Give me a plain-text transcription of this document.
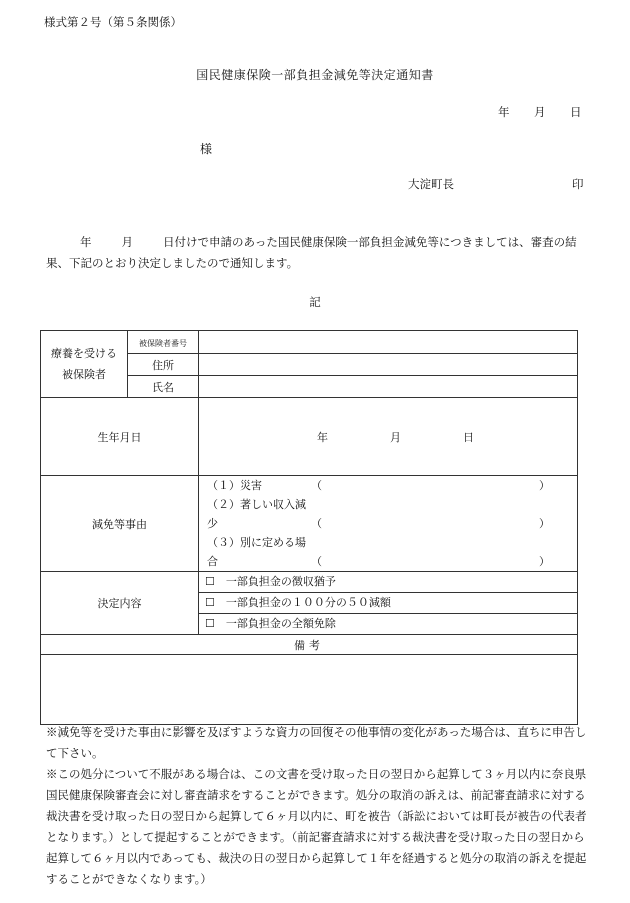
様式第２号（第５条関係）
国民健康保険一部負担金減免等決定通知書
年 月 日
様
大淀町長	印
年	月	日付けで申請のあった国民健康保険一部負担金減免等につきましては、審査の結果、下記のとおり決定しましたので通知します。
記
療養を受ける被保険者	被保険者番号	
	住所	
	氏名	
生年月日		年 月 日
減免等事由		（１）災害 （ ）
（２）著しい収入減少 （ ）
（３）別に定める場合 （ ）

決定内容		☐　 一部負担金の徴収猶予
		☐　 一部負担金の１００分の５０減額
		☐　 一部負担金の全額免除
備考		

※減免等を受けた事由に影響を及ぼすような資力の回復その他事情の変化があった場合は、直ちに申告して下さい。

※この処分について不服がある場合は、この文書を受け取った日の翌日から起算して３ヶ月以内に奈良県国民健康保険審査会に対し審査請求をすることができます。処分の取消の訴えは、前記審査請求に対する裁決書を受け取った日の翌日から起算して６ヶ月以内に、町を被告（訴訟においては町長が被告の代表者となります。）として提起することができます。（前記審査請求に対する裁決書を受け取った日の翌日から起算して６ヶ月以内であっても、裁決の日の翌日から起算して１年を経過すると処分の取消の訴えを提起することができなくなります。）
